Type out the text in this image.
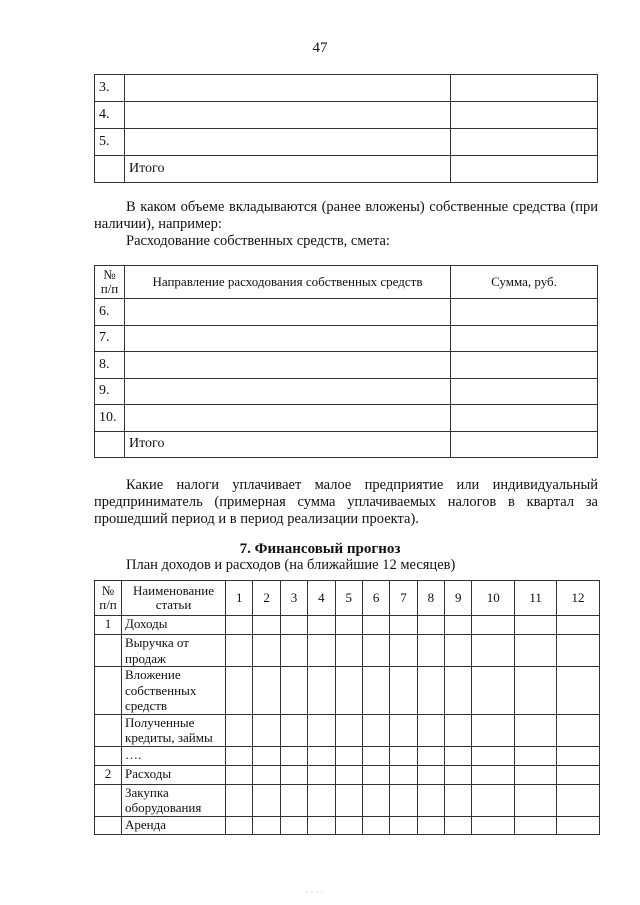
47
3.		
4.		
5.		
	Итого	
В каком объеме вкладываются (ранее вложены) собственные средства (при наличии), например:
Расходование собственных средств, смета:
№ п/п	Направление расходования собственных средств	Сумма, руб.
6.		
7.		
8.		
9.		
10.		
	Итого	
Какие налоги уплачивает малое предприятие или индивидуальный предприниматель (примерная сумма уплачиваемых налогов в квартал за прошедший период и в период реализации проекта).
7. Финансовый прогноз
План доходов и расходов (на ближайшие 12 месяцев)
№ п/п	Наименование статьи	1	2	3	4	5	6	7	8	9	10	11	12
1	Доходы												
	Выручка от продаж												
	Вложение собственных средств												
	Полученные кредиты, займы												
	….												
2	Расходы												
	Закупка оборудования												
	Аренда												
· · · ·
